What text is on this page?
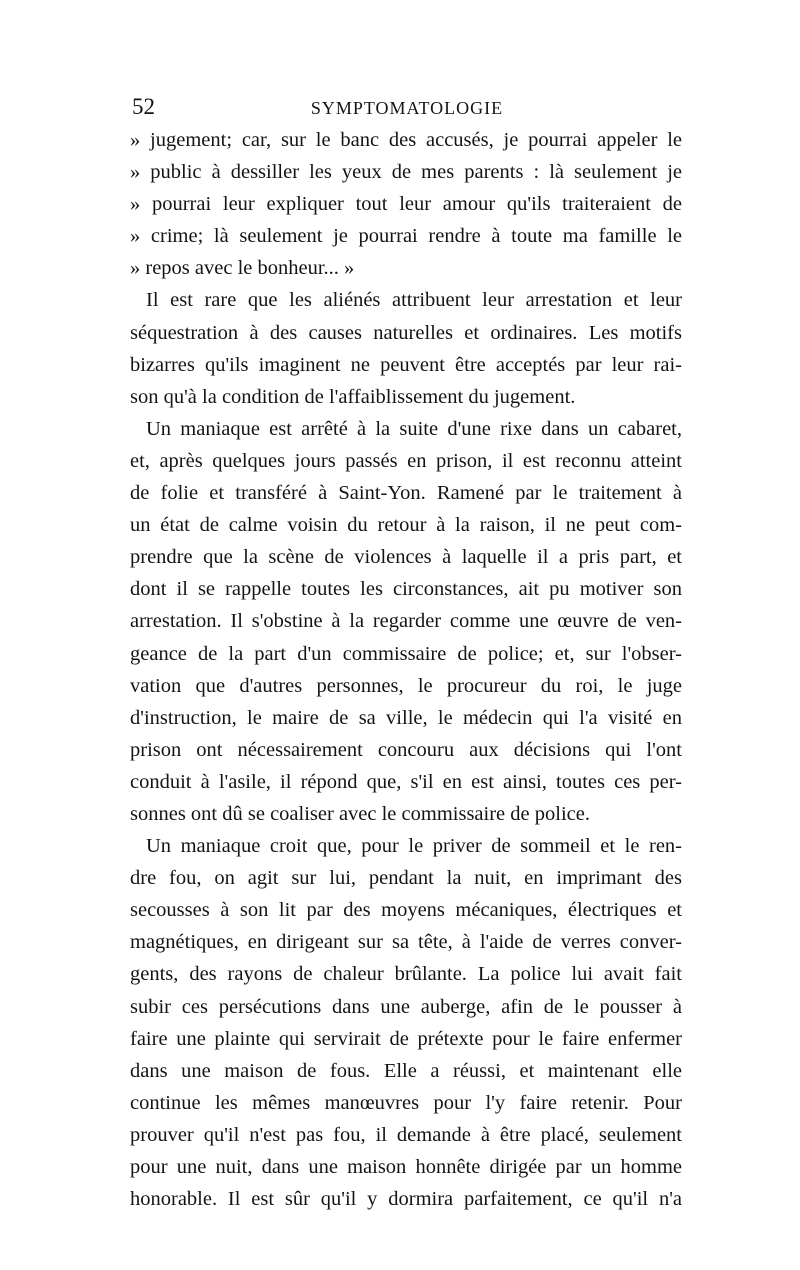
52	SYMPTOMATOLOGIE
» jugement; car, sur le banc des accusés, je pourrai appeler le
» public à dessiller les yeux de mes parents : là seulement je
» pourrai leur expliquer tout leur amour qu'ils traiteraient de
» crime; là seulement je pourrai rendre à toute ma famille le
» repos avec le bonheur... »
Il est rare que les aliénés attribuent leur arrestation et leur
séquestration à des causes naturelles et ordinaires. Les motifs
bizarres qu'ils imaginent ne peuvent être acceptés par leur rai-
son qu'à la condition de l'affaiblissement du jugement.
Un maniaque est arrêté à la suite d'une rixe dans un cabaret,
et, après quelques jours passés en prison, il est reconnu atteint
de folie et transféré à Saint-Yon. Ramené par le traitement à
un état de calme voisin du retour à la raison, il ne peut com-
prendre que la scène de violences à laquelle il a pris part, et
dont il se rappelle toutes les circonstances, ait pu motiver son
arrestation. Il s'obstine à la regarder comme une œuvre de ven-
geance de la part d'un commissaire de police; et, sur l'obser-
vation que d'autres personnes, le procureur du roi, le juge
d'instruction, le maire de sa ville, le médecin qui l'a visité en
prison ont nécessairement concouru aux décisions qui l'ont
conduit à l'asile, il répond que, s'il en est ainsi, toutes ces per-
sonnes ont dû se coaliser avec le commissaire de police.
Un maniaque croit que, pour le priver de sommeil et le ren-
dre fou, on agit sur lui, pendant la nuit, en imprimant des
secousses à son lit par des moyens mécaniques, électriques et
magnétiques, en dirigeant sur sa tête, à l'aide de verres conver-
gents, des rayons de chaleur brûlante. La police lui avait fait
subir ces persécutions dans une auberge, afin de le pousser à
faire une plainte qui servirait de prétexte pour le faire enfermer
dans une maison de fous. Elle a réussi, et maintenant elle
continue les mêmes manœuvres pour l'y faire retenir. Pour
prouver qu'il n'est pas fou, il demande à être placé, seulement
pour une nuit, dans une maison honnête dirigée par un homme
honorable. Il est sûr qu'il y dormira parfaitement, ce qu'il n'a
